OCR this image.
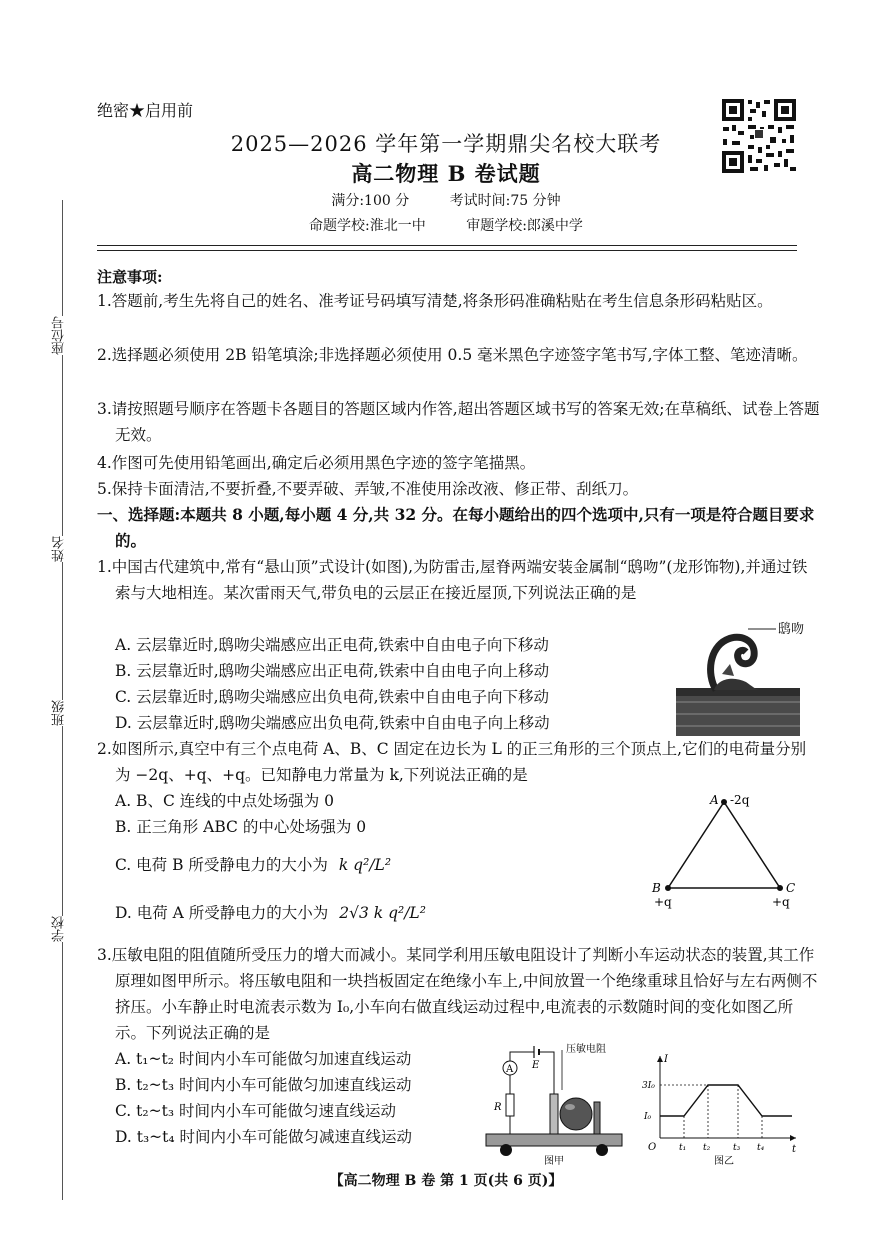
绝密★启用前
2025—2026 学年第一学期鼎尖名校大联考
高二物理 B 卷试题
满分:100 分	考试时间:75 分钟
命题学校:淮北一中	审题学校:郎溪中学
座位号
姓名
班级
学校
注意事项:
1.答题前,考生先将自己的姓名、准考证号码填写清楚,将条形码准确粘贴在考生信息条形码粘贴区。
2.选择题必须使用 2B 铅笔填涂;非选择题必须使用 0.5 毫米黑色字迹签字笔书写,字体工整、笔迹清晰。
3.请按照题号顺序在答题卡各题目的答题区域内作答,超出答题区域书写的答案无效;在草稿纸、试卷上答题无效。
4.作图可先使用铅笔画出,确定后必须用黑色字迹的签字笔描黑。
5.保持卡面清洁,不要折叠,不要弄破、弄皱,不准使用涂改液、修正带、刮纸刀。
一、选择题:本题共 8 小题,每小题 4 分,共 32 分。在每小题给出的四个选项中,只有一项是符合题目要求的。
1.中国古代建筑中,常有“悬山顶”式设计(如图),为防雷击,屋脊两端安装金属制“鸱吻”(龙形饰物),并通过铁索与大地相连。某次雷雨天气,带负电的云层正在接近屋顶,下列说法正确的是
A. 云层靠近时,鸱吻尖端感应出正电荷,铁索中自由电子向下移动
B. 云层靠近时,鸱吻尖端感应出正电荷,铁索中自由电子向上移动
C. 云层靠近时,鸱吻尖端感应出负电荷,铁索中自由电子向下移动
D. 云层靠近时,鸱吻尖端感应出负电荷,铁索中自由电子向上移动
鸱吻
2.如图所示,真空中有三个点电荷 A、B、C 固定在边长为 L 的正三角形的三个顶点上,它们的电荷量分别为 −2q、+q、+q。已知静电力常量为 k,下列说法正确的是
A. B、C 连线的中点处场强为 0
B. 正三角形 ABC 的中心处场强为 0
C. 电荷 B 所受静电力的大小为 k q²/L²
D. 电荷 A 所受静电力的大小为 2√3 k q²/L²
A -2q
B
+q
C
+q
3.压敏电阻的阻值随所受压力的增大而减小。某同学利用压敏电阻设计了判断小车运动状态的装置,其工作原理如图甲所示。将压敏电阻和一块挡板固定在绝缘小车上,中间放置一个绝缘重球且恰好与左右两侧不挤压。小车静止时电流表示数为 I₀,小车向右做直线运动过程中,电流表的示数随时间的变化如图乙所示。下列说法正确的是
A. t₁~t₂ 时间内小车可能做匀加速直线运动
B. t₂~t₃ 时间内小车可能做匀加速直线运动
C. t₂~t₃ 时间内小车可能做匀速直线运动
D. t₃~t₄ 时间内小车可能做匀减速直线运动
A
R
E
压敏电阻
图甲
I
t
O
3I₀
I₀
t₁ t₂	t₃ t₄
图乙
【高二物理 B 卷 第 1 页(共 6 页)】
